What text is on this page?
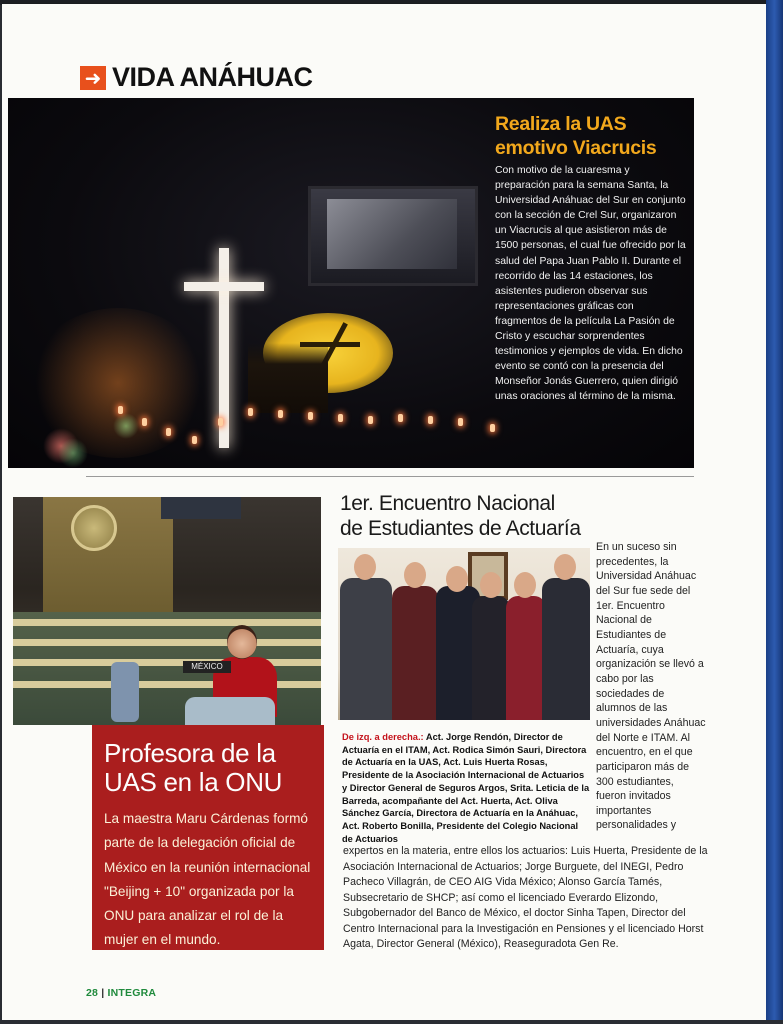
➜ VIDA ANÁHUAC
Realiza la UAS
emotivo Viacrucis
Con motivo de la cuaresma y preparación para la semana Santa, la Universidad Anáhuac del Sur en conjunto con la sección de Crel Sur, organizaron un Viacrucis al que asistieron más de 1500 personas, el cual fue ofrecido por la salud del Papa Juan Pablo II. Durante el recorrido de las 14 estaciones, los asistentes pudieron observar sus representaciones gráficas con fragmentos de la película La Pasión de Cristo y escuchar sorprendentes testimonios y ejemplos de vida. En dicho evento se contó con la presencia del Monseñor Jonás Guerrero, quien dirigió unas oraciones al término de la misma.
MÉXICO
Profesora de la
UAS en la ONU
La maestra Maru Cárdenas formó parte de la delegación oficial de México en la reunión internacional "Beijing + 10" organizada por la ONU para analizar el rol de la mujer en el mundo.
1er. Encuentro Nacional
de Estudiantes de Actuaría
De izq. a derecha.: Act. Jorge Rendón, Director de Actuaría en el ITAM, Act. Rodica Simón Sauri, Directora de Actuaría en la UAS, Act. Luis Huerta Rosas, Presidente de la Asociación Internacional de Actuarios y Director General de Seguros Argos, Srita. Leticia de la Barreda, acompañante del Act. Huerta, Act. Oliva Sánchez García, Directora de Actuaría en la Anáhuac, Act. Roberto Bonilla, Presidente del Colegio Nacional de Actuarios
En un suceso sin precedentes, la Universidad Anáhuac del Sur fue sede del 1er. Encuentro Nacional de Estudiantes de Actuaría, cuya organización se llevó a cabo por las sociedades de alumnos de las universidades Anáhuac del Norte e ITAM. Al encuentro, en el que participaron más de 300 estudiantes, fueron invitados importantes personalidades y
expertos en la materia, entre ellos los actuarios: Luis Huerta, Presidente de la Asociación Internacional de Actuarios; Jorge Burguete, del INEGI, Pedro Pacheco Villagrán, de CEO AIG Vida México; Alonso García Tamés, Subsecretario de SHCP; así como el licenciado Everardo Elizondo, Subgobernador del Banco de México, el doctor Sinha Tapen, Director del Centro Internacional para la Investigación en Pensiones y el licenciado Horst Agata, Director General (México), Reaseguradota Gen Re.
28 | INTEGRA
